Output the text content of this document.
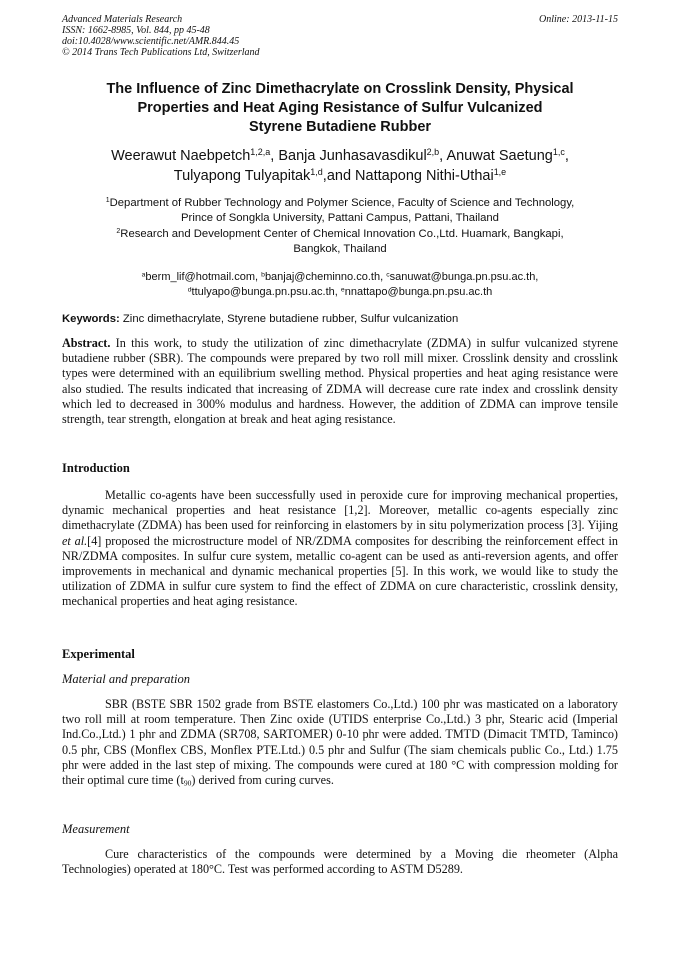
Advanced Materials Research
ISSN: 1662-8985, Vol. 844, pp 45-48
doi:10.4028/www.scientific.net/AMR.844.45
© 2014 Trans Tech Publications Ltd, Switzerland
Online: 2013-11-15
The Influence of Zinc Dimethacrylate on Crosslink Density, Physical
Properties and Heat Aging Resistance of Sulfur Vulcanized
Styrene Butadiene Rubber
Weerawut Naebpetch$^{1,2,a}$, Banja Junhasavasdikul$^{2,b}$, Anuwat Saetung$^{1,c}$,
Tulyapong Tulyapitak$^{1,d}$,and Nattapong Nithi-Uthai$^{1,e}$
$^1$Department of Rubber Technology and Polymer Science, Faculty of Science and Technology,
Prince of Songkla University, Pattani Campus, Pattani, Thailand
$^2$Research and Development Center of Chemical Innovation Co.,Ltd. Huamark, Bangkapi,
Bangkok, Thailand
$^a$berm_lif@hotmail.com, $^b$banjaj@cheminno.co.th, $^c$sanuwat@bunga.pn.psu.ac.th,
$^d$ttulyapo@bunga.pn.psu.ac.th, $^e$nnattapo@bunga.pn.psu.ac.th
Keywords: Zinc dimethacrylate, Styrene butadiene rubber, Sulfur vulcanization
Abstract. In this work, to study the utilization of zinc dimethacrylate (ZDMA) in sulfur vulcanized styrene butadiene rubber (SBR). The compounds were prepared by two roll mill mixer. Crosslink density and crosslink types were determined with an equilibrium swelling method. Physical properties and heat aging resistance were also studied. The results indicated that increasing of ZDMA will decrease cure rate index and crosslink density which led to decreased in 300% modulus and hardness. However, the addition of ZDMA can improve tensile strength, tear strength, elongation at break and heat aging resistance.
Introduction
Metallic co-agents have been successfully used in peroxide cure for improving mechanical properties, dynamic mechanical properties and heat resistance [1,2]. Moreover, metallic co-agents especially zinc dimethacrylate (ZDMA) has been used for reinforcing in elastomers by in situ polymerization process [3]. Yijing et al.[4] proposed the microstructure model of NR/ZDMA composites for describing the reinforcement effect in NR/ZDMA composites. In sulfur cure system, metallic co-agent can be used as anti-reversion agents, and offer improvements in mechanical and dynamic mechanical properties [5]. In this work, we would like to study the utilization of ZDMA in sulfur cure system to find the effect of ZDMA on cure characteristic, crosslink density, mechanical properties and heat aging resistance.
Experimental
Material and preparation
SBR (BSTE SBR 1502 grade from BSTE elastomers Co.,Ltd.) 100 phr was masticated on a laboratory two roll mill at room temperature. Then Zinc oxide (UTIDS enterprise Co.,Ltd.) 3 phr, Stearic acid (Imperial Ind.Co.,Ltd.) 1 phr and ZDMA (SR708, SARTOMER) 0-10 phr were added. TMTD (Dimacit TMTD, Taminco) 0.5 phr, CBS (Monflex CBS, Monflex PTE.Ltd.) 0.5 phr and Sulfur (The siam chemicals public Co., Ltd.) 1.75 phr were added in the last step of mixing. The compounds were cured at 180 °C with compression molding for their optimal cure time $(t_{90})$ derived from curing curves.
Measurement
Cure characteristics of the compounds were determined by a Moving die rheometer (Alpha Technologies) operated at 180°C. Test was performed according to ASTM D5289.
